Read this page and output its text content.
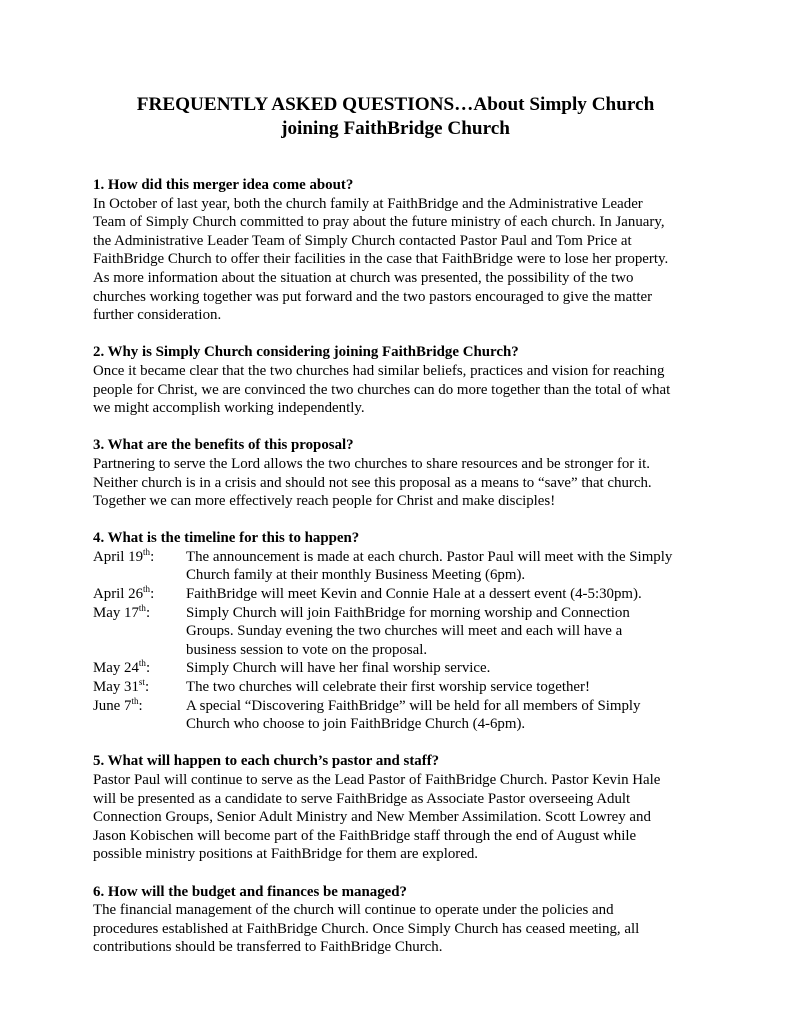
FREQUENTLY ASKED QUESTIONS…About Simply Church
joining FaithBridge Church
1. How did this merger idea come about?
In October of last year, both the church family at FaithBridge and the Administrative Leader
Team of Simply Church committed to pray about the future ministry of each church. In January,
the Administrative Leader Team of Simply Church contacted Pastor Paul and Tom Price at
FaithBridge Church to offer their facilities in the case that FaithBridge were to lose her property.
As more information about the situation at church was presented, the possibility of the two
churches working together was put forward and the two pastors encouraged to give the matter
further consideration.
2. Why is Simply Church considering joining FaithBridge Church?
Once it became clear that the two churches had similar beliefs, practices and vision for reaching
people for Christ, we are convinced the two churches can do more together than the total of what
we might accomplish working independently.
3. What are the benefits of this proposal?
Partnering to serve the Lord allows the two churches to share resources and be stronger for it.
Neither church is in a crisis and should not see this proposal as a means to “save” that church.
Together we can more effectively reach people for Christ and make disciples!
4. What is the timeline for this to happen?
April 19th:	The announcement is made at each church. Pastor Paul will meet with the Simply
Church family at their monthly Business Meeting (6pm).
April 26th:	FaithBridge will meet Kevin and Connie Hale at a dessert event (4-5:30pm).
May 17th:	Simply Church will join FaithBridge for morning worship and Connection
Groups. Sunday evening the two churches will meet and each will have a
business session to vote on the proposal.
May 24th:	Simply Church will have her final worship service.
May 31st:	The two churches will celebrate their first worship service together!
June 7th:	A special “Discovering FaithBridge” will be held for all members of Simply
Church who choose to join FaithBridge Church (4-6pm).
5. What will happen to each church’s pastor and staff?
Pastor Paul will continue to serve as the Lead Pastor of FaithBridge Church. Pastor Kevin Hale
will be presented as a candidate to serve FaithBridge as Associate Pastor overseeing Adult
Connection Groups, Senior Adult Ministry and New Member Assimilation. Scott Lowrey and
Jason Kobischen will become part of the FaithBridge staff through the end of August while
possible ministry positions at FaithBridge for them are explored.
6. How will the budget and finances be managed?
The financial management of the church will continue to operate under the policies and
procedures established at FaithBridge Church. Once Simply Church has ceased meeting, all
contributions should be transferred to FaithBridge Church.
